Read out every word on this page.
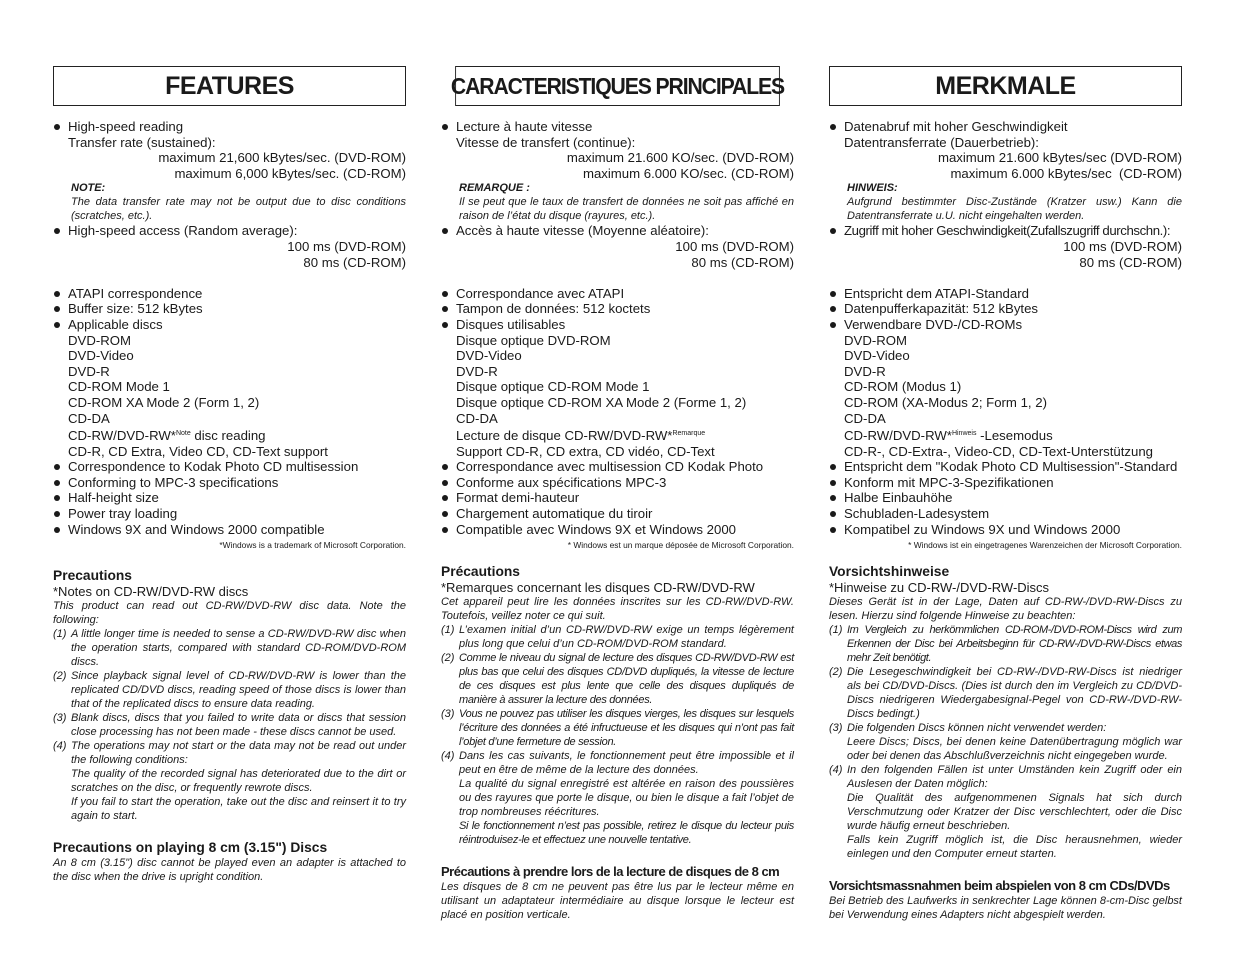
FEATURES
High-speed reading
Transfer rate (sustained):
maximum 21,600 kBytes/sec. (DVD-ROM)
maximum 6,000 kBytes/sec. (CD-ROM)
NOTE:
The data transfer rate may not be output due to disc conditions (scratches, etc.).
High-speed access (Random average):
100 ms (DVD-ROM)
80 ms (CD-ROM)
ATAPI correspondence
Buffer size: 512 kBytes
Applicable discs
DVD-ROM
DVD-Video
DVD-R
CD-ROM Mode 1
CD-ROM XA Mode 2 (Form 1, 2)
CD-DA
CD-RW/DVD-RW*$^{Note}$ disc reading
CD-R, CD Extra, Video CD, CD-Text support
Correspondence to Kodak Photo CD multisession
Conforming to MPC-3 specifications
Half-height size
Power tray loading
Windows 9X and Windows 2000 compatible
*Windows is a trademark of Microsoft Corporation.
Precautions
*Notes on CD-RW/DVD-RW discs
This product can read out CD-RW/DVD-RW disc data. Note the following:
(1) A little longer time is needed to sense a CD-RW/DVD-RW disc when the operation starts, compared with standard CD-ROM/DVD-ROM discs.
(2) Since playback signal level of CD-RW/DVD-RW is lower than the replicated CD/DVD discs, reading speed of those discs is lower than that of the replicated discs to ensure data reading.
(3) Blank discs, discs that you failed to write data or discs that session close processing has not been made - these discs cannot be used.
(4) The operations may not start or the data may not be read out under the following conditions:
The quality of the recorded signal has deteriorated due to the dirt or scratches on the disc, or frequently rewrote discs.
If you fail to start the operation, take out the disc and reinsert it to try again to start.
Precautions on playing 8 cm (3.15") Discs
An 8 cm (3.15") disc cannot be played even an adapter is attached to the disc when the drive is upright condition.
CARACTERISTIQUES PRINCIPALES
Lecture à haute vitesse
Vitesse de transfert (continue):
maximum 21.600 KO/sec. (DVD-ROM)
maximum 6.000 KO/sec. (CD-ROM)
REMARQUE :
Il se peut que le taux de transfert de données ne soit pas affiché en raison de l’état du disque (rayures, etc.).
Accès à haute vitesse (Moyenne aléatoire):
100 ms (DVD-ROM)
80 ms (CD-ROM)
Correspondance avec ATAPI
Tampon de données: 512 koctets
Disques utilisables
Disque optique DVD-ROM
DVD-Video
DVD-R
Disque optique CD-ROM Mode 1
Disque optique CD-ROM XA Mode 2 (Forme 1, 2)
CD-DA
Lecture de disque CD-RW/DVD-RW*$^{Remarque}$
Support CD-R, CD extra, CD vidéo, CD-Text
Correspondance avec multisession CD Kodak Photo
Conforme aux spécifications MPC-3
Format demi-hauteur
Chargement automatique du tiroir
Compatible avec Windows 9X et Windows 2000
* Windows est un marque déposée de Microsoft Corporation.
Précautions
*Remarques concernant les disques CD-RW/DVD-RW
Cet appareil peut lire les données inscrites sur les CD-RW/DVD-RW. Toutefois, veillez noter ce qui suit.
(1) L’examen initial d’un CD-RW/DVD-RW exige un temps légèrement plus long que celui d’un CD-ROM/DVD-ROM standard.
(2) Comme le niveau du signal de lecture des disques CD-RW/DVD-RW est plus bas que celui des disques CD/DVD dupliqués, la vitesse de lecture de ces disques est plus lente que celle des disques dupliqués de manière à assurer la lecture des données.
(3) Vous ne pouvez pas utiliser les disques vierges, les disques sur lesquels l’écriture des données a été infructueuse et les disques qui n’ont pas fait l’objet d’une fermeture de session.
(4) Dans les cas suivants, le fonctionnement peut être impossible et il peut en être de même de la lecture des données.
La qualité du signal enregistré est altérée en raison des poussières ou des rayures que porte le disque, ou bien le disque a fait l’objet de trop nombreuses réécritures.
Si le fonctionnement n’est pas possible, retirez le disque du lecteur puis réintroduisez-le et effectuez une nouvelle tentative.
Précautions à prendre lors de la lecture de disques de 8 cm
Les disques de 8 cm ne peuvent pas être lus par le lecteur même en utilisant un adaptateur intermédiaire au disque lorsque le lecteur est placé en position verticale.
MERKMALE
Datenabruf mit hoher Geschwindigkeit
Datentransferrate (Dauerbetrieb):
maximum 21.600 kBytes/sec (DVD-ROM)
maximum 6.000 kBytes/sec  (CD-ROM)
HINWEIS:
Aufgrund bestimmter Disc-Zustände (Kratzer usw.) Kann die Datentransferrate u.U. nicht eingehalten werden.
Zugriff mit hoher Geschwindigkeit(Zufallszugriff durchschn.):
100 ms (DVD-ROM)
80 ms (CD-ROM)
Entspricht dem ATAPI-Standard
Datenpufferkapazität: 512 kBytes
Verwendbare DVD-/CD-ROMs
DVD-ROM
DVD-Video
DVD-R
CD-ROM (Modus 1)
CD-ROM (XA-Modus 2; Form 1, 2)
CD-DA
CD-RW/DVD-RW*$^{Hinweis}$ -Lesemodus
CD-R-, CD-Extra-, Video-CD, CD-Text-Unterstützung
Entspricht dem "Kodak Photo CD Multisession"-Standard
Konform mit MPC-3-Spezifikationen
Halbe Einbauhöhe
Schubladen-Ladesystem
Kompatibel zu Windows 9X und Windows 2000
* Windows ist ein eingetragenes Warenzeichen der Microsoft Corporation.
Vorsichtshinweise
*Hinweise zu CD-RW-/DVD-RW-Discs
Dieses Gerät ist in der Lage, Daten auf CD-RW-/DVD-RW-Discs zu lesen. Hierzu sind folgende Hinweise zu beachten:
(1) Im Vergleich zu herkömmlichen CD-ROM-/DVD-ROM-Discs wird zum Erkennen der Disc bei Arbeitsbeginn für CD-RW-/DVD-RW-Discs etwas mehr Zeit benötigt.
(2) Die Lesegeschwindigkeit bei CD-RW-/DVD-RW-Discs ist niedriger als bei CD/DVD-Discs. (Dies ist durch den im Vergleich zu CD/DVD-Discs niedrigeren Wiedergabesignal-Pegel von CD-RW-/DVD-RW-Discs bedingt.)
(3) Die folgenden Discs können nicht verwendet werden:
Leere Discs; Discs, bei denen keine Datenübertragung möglich war oder bei denen das Abschlußverzeichnis nicht eingegeben wurde.
(4) In den folgenden Fällen ist unter Umständen kein Zugriff oder ein Auslesen der Daten möglich:
Die Qualität des aufgenommenen Signals hat sich durch Verschmutzung oder Kratzer der Disc verschlechtert, oder die Disc wurde häufig erneut beschrieben.
Falls kein Zugriff möglich ist, die Disc herausnehmen, wieder einlegen und den Computer erneut starten.
Vorsichtsmassnahmen beim abspielen von 8 cm CDs/DVDs
Bei Betrieb des Laufwerks in senkrechter Lage können 8-cm-Disc gelbst bei Verwendung eines Adapters nicht abgespielt werden.
